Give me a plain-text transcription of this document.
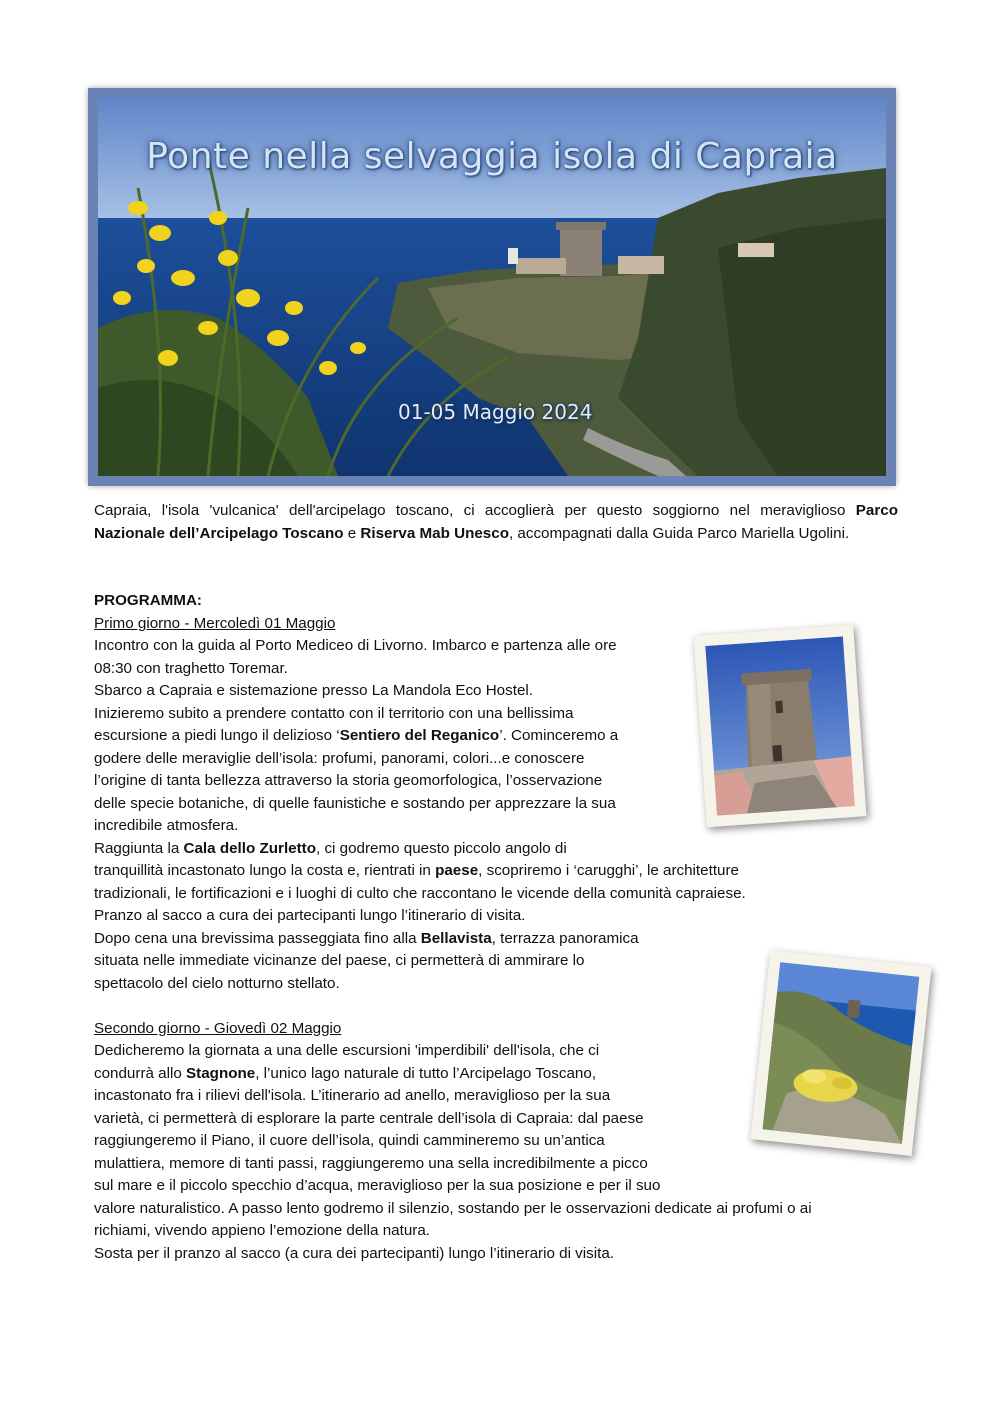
Ponte nella selvaggia isola di Capraia
01-05 Maggio 2024
Capraia, l'isola 'vulcanica' dell'arcipelago toscano, ci accoglierà per questo soggiorno nel meraviglioso Parco Nazionale dell’Arcipelago Toscano e Riserva Mab Unesco, accompagnati dalla Guida Parco Mariella Ugolini.
PROGRAMMA:
Primo giorno - Mercoledì 01 Maggio
Incontro con la guida al Porto Mediceo di Livorno. Imbarco e partenza alle ore
08:30 con traghetto Toremar.
Sbarco a Capraia e sistemazione presso La Mandola Eco Hostel.
Inizieremo subito a prendere contatto con il territorio con una bellissima
escursione a piedi lungo il delizioso ‘Sentiero del Reganico’. Cominceremo a
godere delle meraviglie dell’isola: profumi, panorami, colori...e conoscere
l’origine di tanta bellezza attraverso la storia geomorfologica, l’osservazione
delle specie botaniche, di quelle faunistiche e sostando per apprezzare la sua
incredibile atmosfera.
Raggiunta la Cala dello Zurletto, ci godremo questo piccolo angolo di
tranquillità incastonato lungo la costa e, rientrati in paese, scopriremo i ‘carugghi’, le architetture
tradizionali, le fortificazioni e i luoghi di culto che raccontano le vicende della comunità capraiese.
Pranzo al sacco a cura dei partecipanti lungo l’itinerario di visita.
Dopo cena una brevissima passeggiata fino alla Bellavista, terrazza panoramica
situata nelle immediate vicinanze del paese, ci permetterà di ammirare lo
spettacolo del cielo notturno stellato.

Secondo giorno - Giovedì 02 Maggio
Dedicheremo la giornata a una delle escursioni 'imperdibili' dell'isola, che ci
condurrà allo Stagnone, l’unico lago naturale di tutto l’Arcipelago Toscano,
incastonato fra i rilievi dell'isola. L’itinerario ad anello, meraviglioso per la sua
varietà, ci permetterà di esplorare la parte centrale dell’isola di Capraia: dal paese
raggiungeremo il Piano, il cuore dell’isola, quindi cammineremo su un’antica
mulattiera, memore di tanti passi, raggiungeremo una sella incredibilmente a picco
sul mare e il piccolo specchio d’acqua, meraviglioso per la sua posizione e per il suo
valore naturalistico. A passo lento godremo il silenzio, sostando per le osservazioni dedicate ai profumi o ai
richiami, vivendo appieno l’emozione della natura.
Sosta per il pranzo al sacco (a cura dei partecipanti) lungo l’itinerario di visita.
